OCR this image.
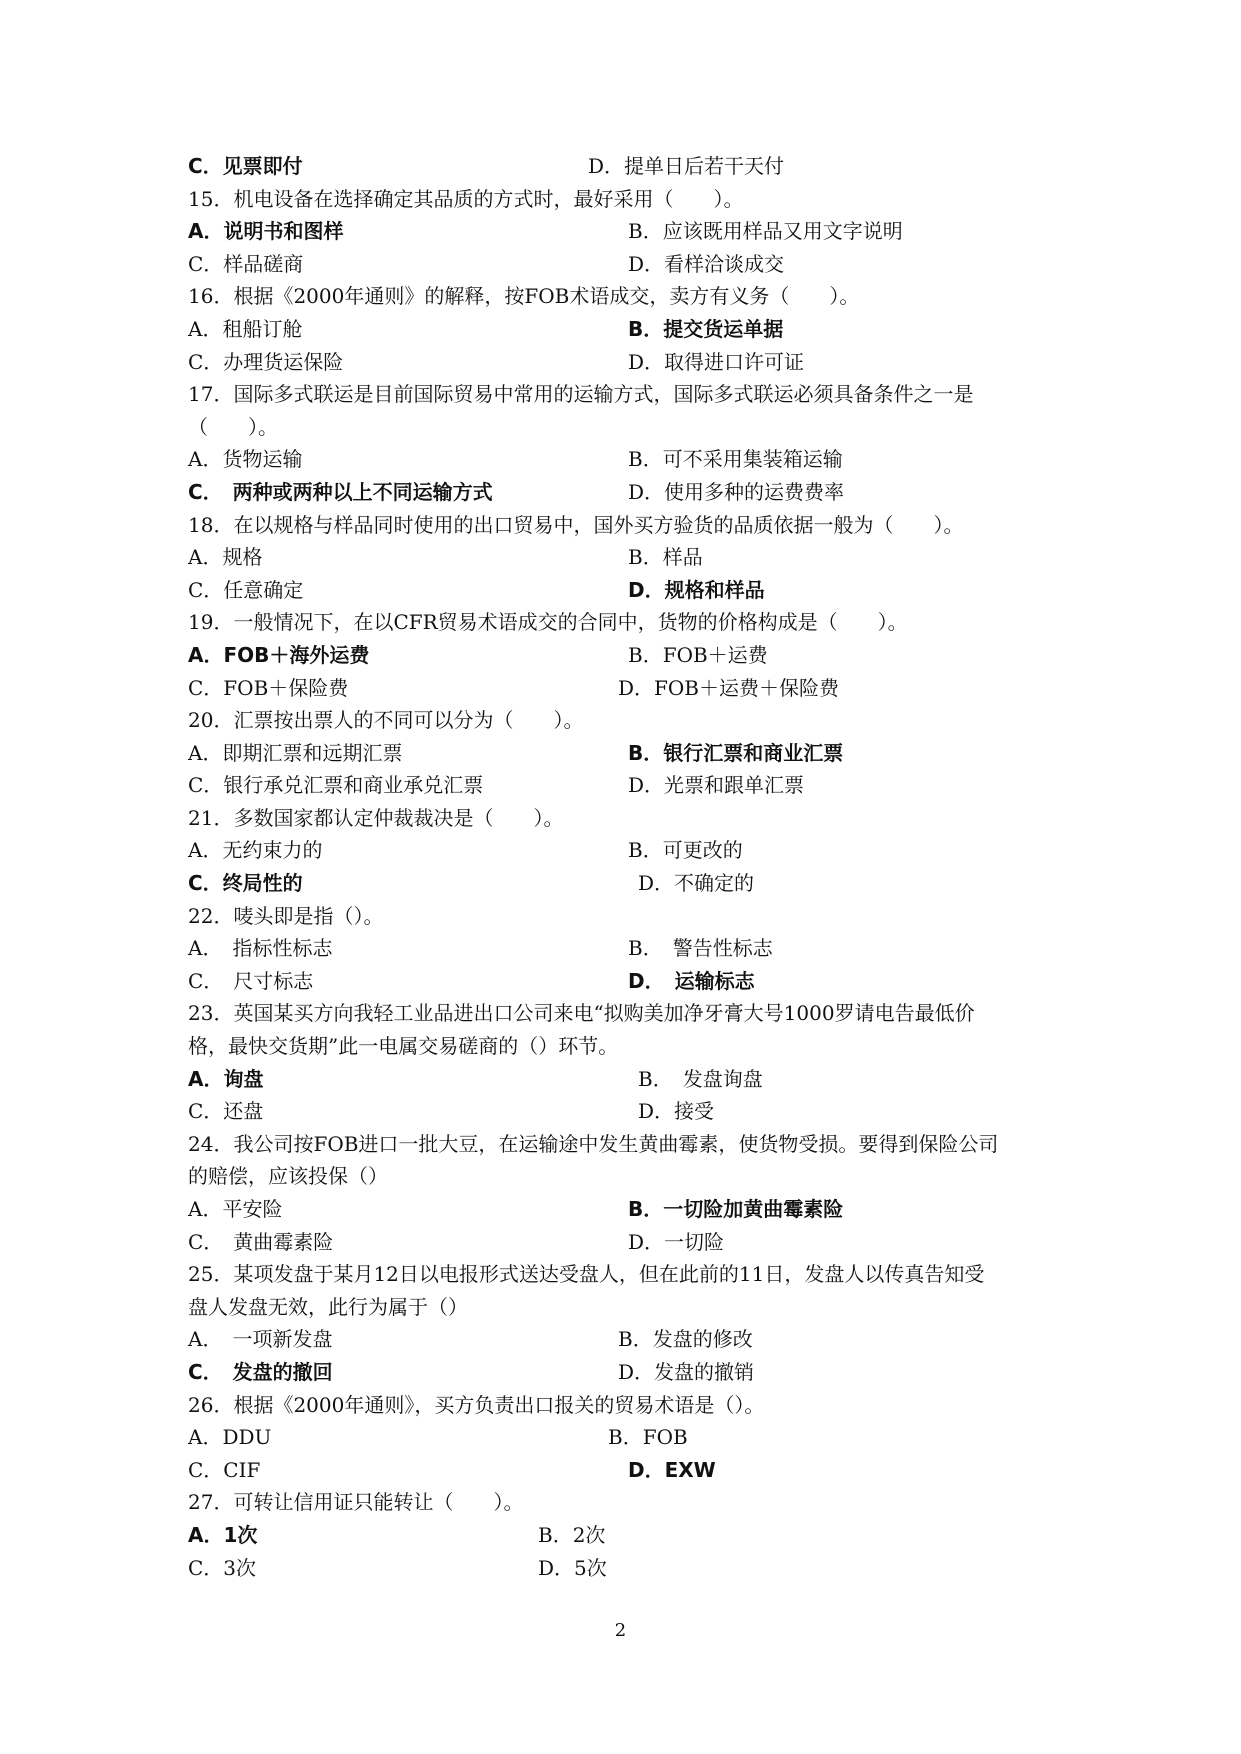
C．见票即付	D．提单日后若干天付
15．机电设备在选择确定其品质的方式时，最好采用（　　）。
A．说明书和图样	B．应该既用样品又用文字说明
C．样品磋商	D．看样洽谈成交
16．根据《2000年通则》的解释，按FOB术语成交，卖方有义务（　　）。
A．租船订舱	B．提交货运单据
C．办理货运保险	D．取得进口许可证
17．国际多式联运是目前国际贸易中常用的运输方式，国际多式联运必须具备条件之一是
（　　）。
A．货物运输	B．可不采用集装箱运输
C．　两种或两种以上不同运输方式	D．使用多种的运费费率
18．在以规格与样品同时使用的出口贸易中，国外买方验货的品质依据一般为（　　）。
A．规格	B．样品
C．任意确定	D．规格和样品
19．一般情况下，在以CFR贸易术语成交的合同中，货物的价格构成是（　　）。
A．FOB＋海外运费	B．FOB＋运费
C．FOB＋保险费	D．FOB＋运费＋保险费
20．汇票按出票人的不同可以分为（　　）。
A．即期汇票和远期汇票	B．银行汇票和商业汇票
C．银行承兑汇票和商业承兑汇票	D．光票和跟单汇票
21．多数国家都认定仲裁裁决是（　　）。
A．无约束力的	B．可更改的
C．终局性的	D．不确定的
22．唛头即是指（）。
A．　指标性标志	B．　警告性标志
C．　尺寸标志	D．　运输标志
23．英国某买方向我轻工业品进出口公司来电“拟购美加净牙膏大号1000罗请电告最低价
格，最快交货期”此一电属交易磋商的（）环节。
A．询盘	B．　发盘询盘
C．还盘	D．接受
24．我公司按FOB进口一批大豆，在运输途中发生黄曲霉素，使货物受损。要得到保险公司
的赔偿，应该投保（）
A．平安险	B．一切险加黄曲霉素险
C．　黄曲霉素险	D．一切险
25．某项发盘于某月12日以电报形式送达受盘人，但在此前的11日，发盘人以传真告知受
盘人发盘无效，此行为属于（）
A．　一项新发盘	B．发盘的修改
C．　发盘的撤回	D．发盘的撤销
26．根据《2000年通则》，买方负责出口报关的贸易术语是（）。
A．DDU	B．FOB
C．CIF	D．EXW
27．可转让信用证只能转让（　　）。
A．1次	B．2次
C．3次	D．5次
2
